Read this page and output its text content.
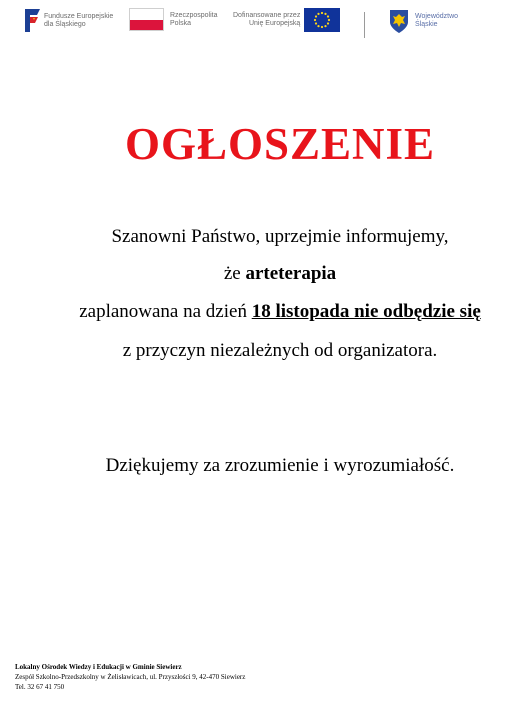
Fundusze Europejskie
dla Śląskiego
Rzeczpospolita
Polska
Dofinansowane przez
Unię Europejską
Województwo
Śląskie
OGŁOSZENIE
Szanowni Państwo, uprzejmie informujemy,
że arteterapia
zaplanowana na dzień 18 listopada nie odbędzie się
z przyczyn niezależnych od organizatora.
Dziękujemy za zrozumienie i wyrozumiałość.
Lokalny Ośrodek Wiedzy i Edukacji w Gminie Siewierz
Zespół Szkolno-Przedszkolny w Żelisławicach, ul. Przyszłości 9, 42-470 Siewierz
Tel. 32 67 41 750
